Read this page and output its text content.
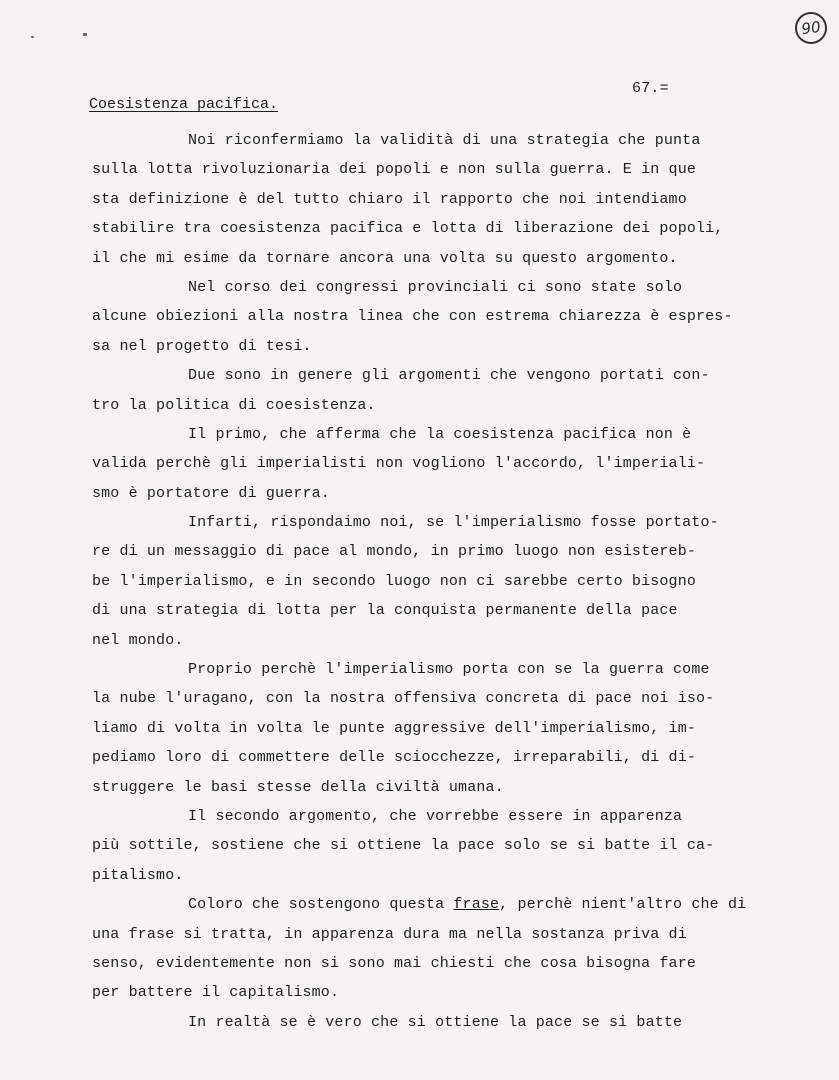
90
67.=
Coesistenza pacifica.
Noi riconfermiamo la validità di una strategia che punta
sulla lotta rivoluzionaria dei popoli e non sulla guerra. E in que
sta definizione è del tutto chiaro il rapporto che noi intendiamo
stabilire tra coesistenza pacifica e lotta di liberazione dei popoli,
il che mi esime da tornare ancora una volta su questo argomento.
Nel corso dei congressi provinciali ci sono state solo
alcune obiezioni alla nostra linea che con estrema chiarezza è espres-
sa nel progetto di tesi.
Due sono in genere gli argomenti che vengono portati con-
tro la politica di coesistenza.
Il primo, che afferma che la coesistenza pacifica non è
valida perchè gli imperialisti non vogliono l'accordo, l'imperiali-
smo è portatore di guerra.
Infarti, rispondaimo noi, se l'imperialismo fosse portato-
re di un messaggio di pace al mondo, in primo luogo non esistereb-
be l'imperialismo, e in secondo luogo non ci sarebbe certo bisogno
di una strategia di lotta per la conquista permanente della pace
nel mondo.
Proprio perchè l'imperialismo porta con se la guerra come
la nube l'uragano, con la nostra offensiva concreta di pace noi iso-
liamo di volta in volta le punte aggressive dell'imperialismo, im-
pediamo loro di commettere delle sciocchezze, irreparabili, di di-
struggere le basi stesse della civiltà umana.
Il secondo argomento, che vorrebbe essere in apparenza
più sottile, sostiene che si ottiene la pace solo se si batte il ca-
pitalismo.
Coloro che sostengono questa frase, perchè nient'altro che di
una frase si tratta, in apparenza dura ma nella sostanza priva di
senso, evidentemente non si sono mai chiesti che cosa bisogna fare
per battere il capitalismo.
In realtà se è vero che si ottiene la pace se si batte
